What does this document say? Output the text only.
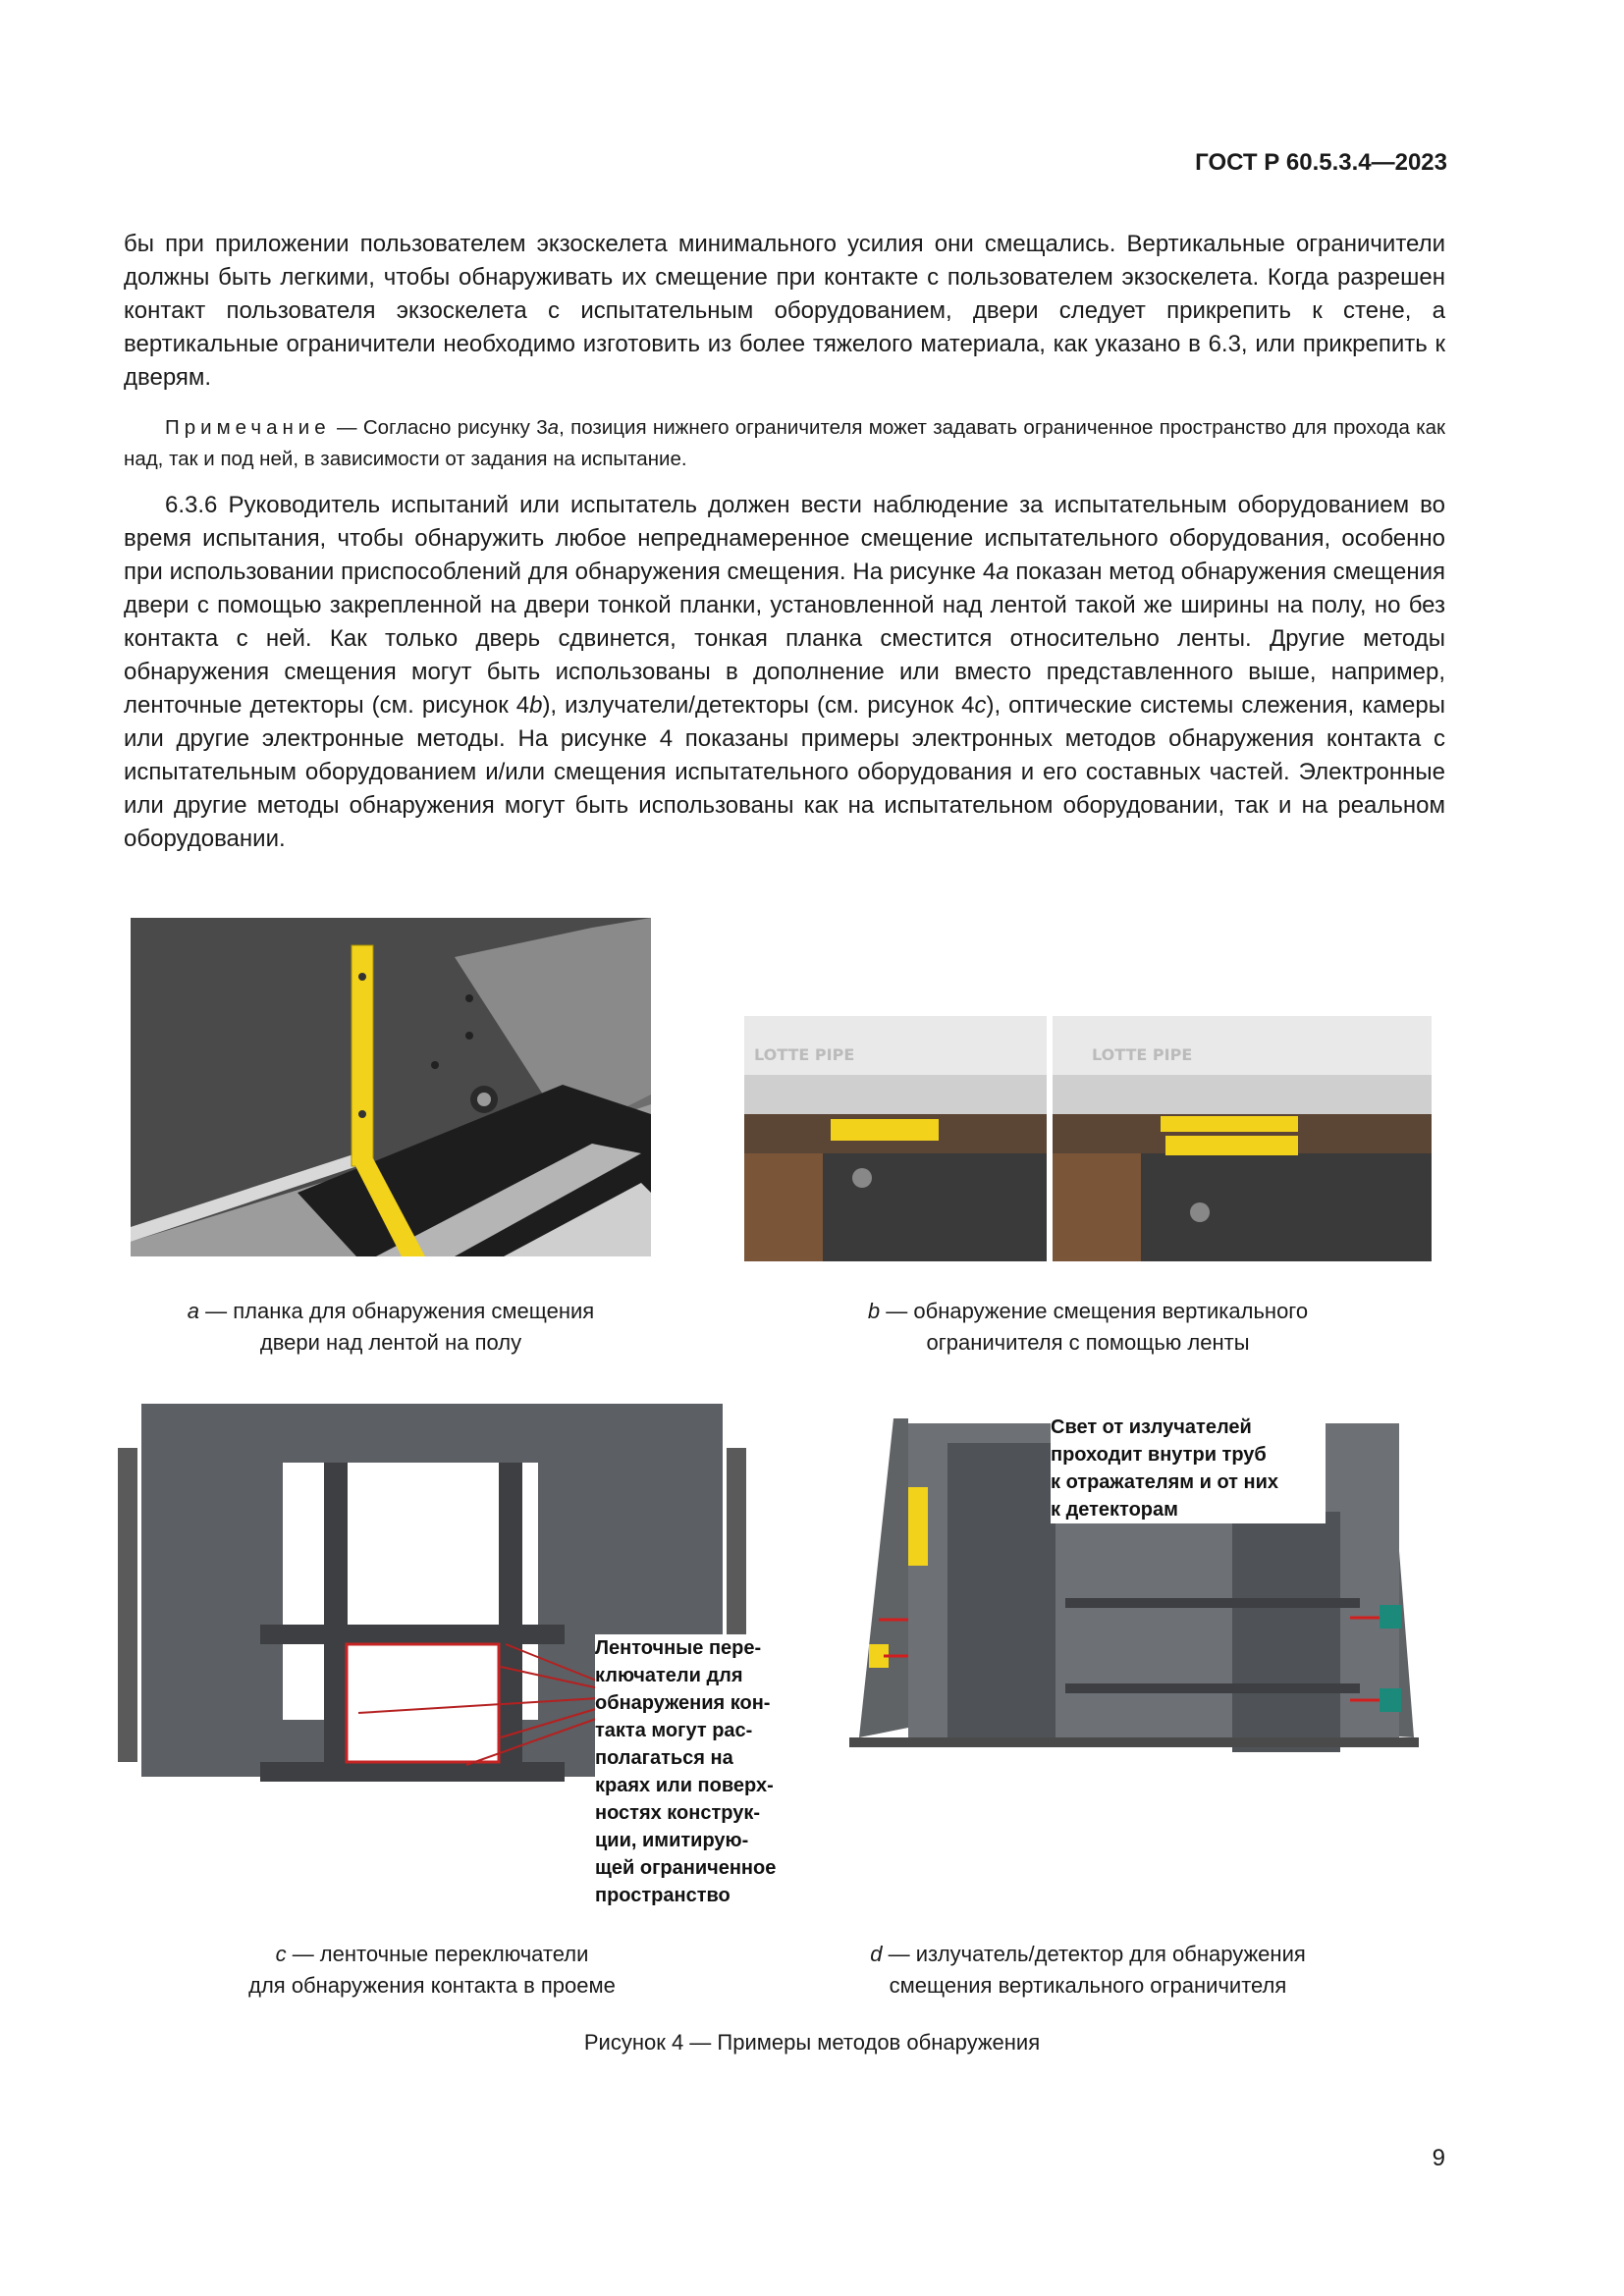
ГОСТ Р 60.5.3.4—2023

бы при приложении пользователем экзоскелета минимального усилия они смещались. Вертикальные ограничители должны быть легкими, чтобы обнаруживать их смещение при контакте с пользователем экзоскелета. Когда разрешен контакт пользователя экзоскелета с испытательным оборудованием, двери следует прикрепить к стене, а вертикальные ограничители необходимо изготовить из более тяжелого материала, как указано в 6.3, или прикрепить к дверям.

Примечание — Согласно рисунку 3а, позиция нижнего ограничителя может задавать ограниченное пространство для прохода как над, так и под ней, в зависимости от задания на испытание.

6.3.6 Руководитель испытаний или испытатель должен вести наблюдение за испытательным оборудованием во время испытания, чтобы обнаружить любое непреднамеренное смещение испытательного оборудования, особенно при использовании приспособлений для обнаружения смещения. На рисунке 4а показан метод обнаружения смещения двери с помощью закрепленной на двери тонкой планки, установленной над лентой такой же ширины на полу, но без контакта с ней. Как только дверь сдвинется, тонкая планка сместится относительно ленты. Другие методы обнаружения смещения могут быть использованы в дополнение или вместо представленного выше, например, ленточные детекторы (см. рисунок 4b), излучатели/детекторы (см. рисунок 4c), оптические системы слежения, камеры или другие электронные методы. На рисунке 4 показаны примеры электронных методов обнаружения контакта с испытательным оборудованием и/или смещения испытательного оборудования и его составных частей. Электронные или другие методы обнаружения могут быть использованы как на испытательном оборудовании, так и на реальном оборудовании.

LOTTE PIPE	LOTTE PIPE
a — планка для обнаружения смещения
двери над лентой на полу
b — обнаружение смещения вертикального
ограничителя с помощью ленты
Ленточные пере-
ключатели для
обнаружения кон-
такта могут рас-
полагаться на
краях или поверх-
ностях конструк-
ции, имитирую-
щей ограниченное
пространство
Свет от излучателей
проходит внутри труб
к отражателям и от них
к детекторам
c — ленточные переключатели
для обнаружения контакта в проеме
d — излучатель/детектор для обнаружения
смещения вертикального ограничителя
Рисунок 4 — Примеры методов обнаружения
9
